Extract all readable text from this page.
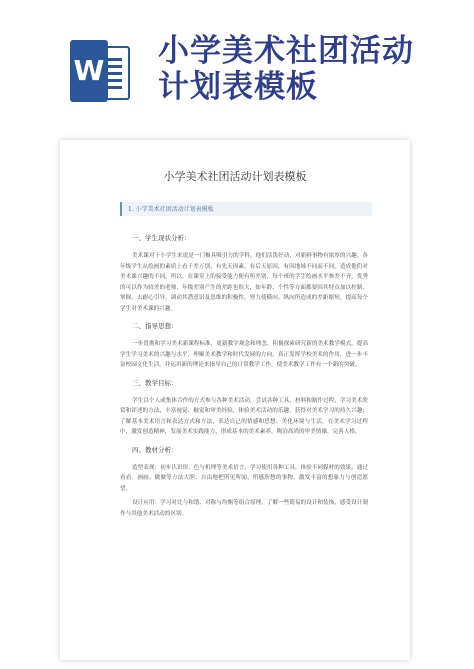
W
小学美术社团活动
计划表模板
小学美术社团活动计划表模板
1. 小学美术社团活动计划表模板
一、学生现状分析：

美术课对于小学生来说是一门极具吸引力的学科，他们活泼好动，对新鲜事物有浓厚的兴趣。各年级学生从绘画的素质上看千差万别，有先天因素，有后天原因，有因地域不同而不同，造成他们对美术课兴趣的不同。所以，在课堂上的接受能力便有所差别，每个班的学生绘画水平参差不齐，优秀的可以作为较差的老师，年级差别产生的差距也很大，如年龄、个性等方面都要因其特点加以控制、掌握，去耐心引导，调动其潜意识及思维的积极性，努力使横向、纵向所造成的差距缩短，提高每个学生对美术课的兴趣。

二、指导思想：

一步贯彻和学习美术新课程标准，更新教学观念和理念，积极探索研究新的美术教学模式，提高学生学习美术的兴趣与水平，理顺美术教学和时代发展的方向，真正发挥学校美术的作用，进一步丰富校园文化生活，并运用新的理论来指导自己的日常教学工作，使美术教学工作有一个新的突破。

三、教学目标：

学生以个人或集体合作的方式参与各种美术活动，尝试各种工具、材料和制作过程，学习美术欣赏和评述的方法，丰富视觉、触觉和审美经验，体验美术活动的乐趣，获得对美术学习的持久兴趣；了解基本美术语言和表达方式和方法，表达自己的情感和思想。美化环境与生活，在美术学习过程中，激发创造精神，发展美术实践能力，形成基本的美术素养，陶冶高尚的审美情操，完善人格。

四、教材分析：

造型表现：初步认识形、色与机理等美术语言，学习使用各种工具，体验不同媒材的效果，通过看看、画画、做做等方法大胆、自由地把所见所闻、所感所想的事物，激发丰富的想象力与创造愿望。

设计应用：学习对比与和谐、对称与均衡等组合原理，了解一些简易的设计和装饰，感受设计制作与其他美术活动的区别。
